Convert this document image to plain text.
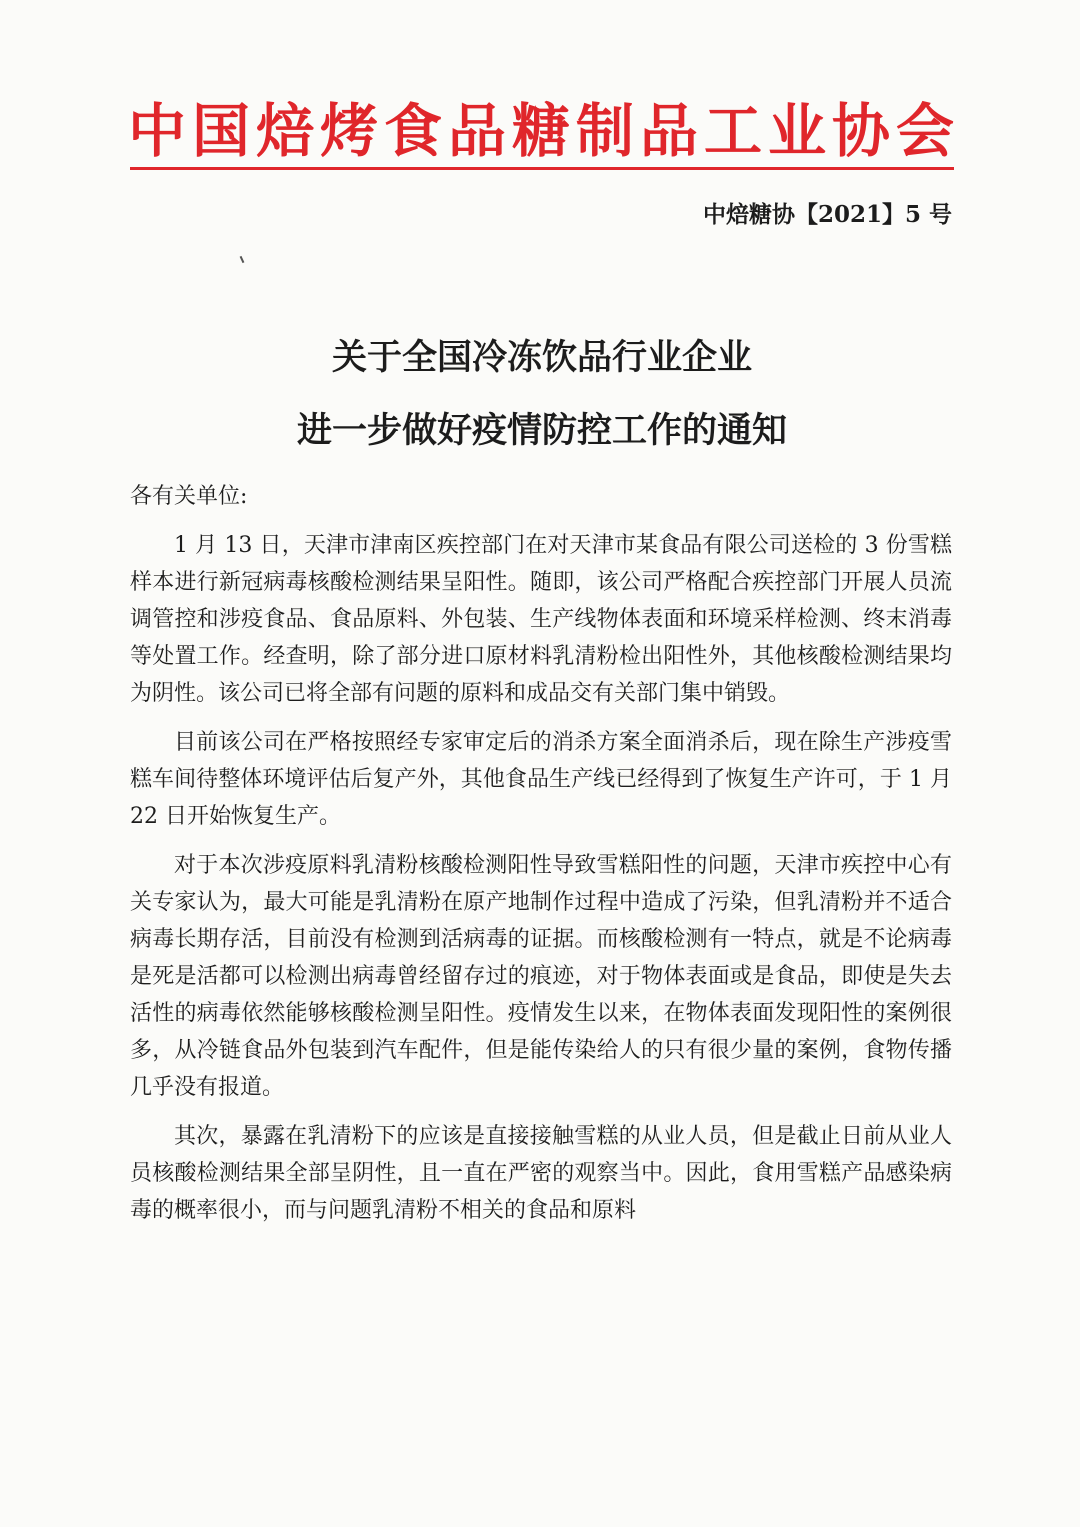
中国焙烤食品糖制品工业协会
中焙糖协【2021】5 号
关于全国冷冻饮品行业企业
进一步做好疫情防控工作的通知
各有关单位:

1 月 13 日，天津市津南区疾控部门在对天津市某食品有限公司送检的 3 份雪糕样本进行新冠病毒核酸检测结果呈阳性。随即，该公司严格配合疾控部门开展人员流调管控和涉疫食品、食品原料、外包装、生产线物体表面和环境采样检测、终末消毒等处置工作。经查明，除了部分进口原材料乳清粉检出阳性外，其他核酸检测结果均为阴性。该公司已将全部有问题的原料和成品交有关部门集中销毁。

目前该公司在严格按照经专家审定后的消杀方案全面消杀后，现在除生产涉疫雪糕车间待整体环境评估后复产外，其他食品生产线已经得到了恢复生产许可，于 1 月 22 日开始恢复生产。

对于本次涉疫原料乳清粉核酸检测阳性导致雪糕阳性的问题，天津市疾控中心有关专家认为，最大可能是乳清粉在原产地制作过程中造成了污染，但乳清粉并不适合病毒长期存活，目前没有检测到活病毒的证据。而核酸检测有一特点，就是不论病毒是死是活都可以检测出病毒曾经留存过的痕迹，对于物体表面或是食品，即使是失去活性的病毒依然能够核酸检测呈阳性。疫情发生以来，在物体表面发现阳性的案例很多，从冷链食品外包装到汽车配件，但是能传染给人的只有很少量的案例，食物传播几乎没有报道。

其次，暴露在乳清粉下的应该是直接接触雪糕的从业人员，但是截止日前从业人员核酸检测结果全部呈阴性，且一直在严密的观察当中。因此，食用雪糕产品感染病毒的概率很小，而与问题乳清粉不相关的食品和原料
